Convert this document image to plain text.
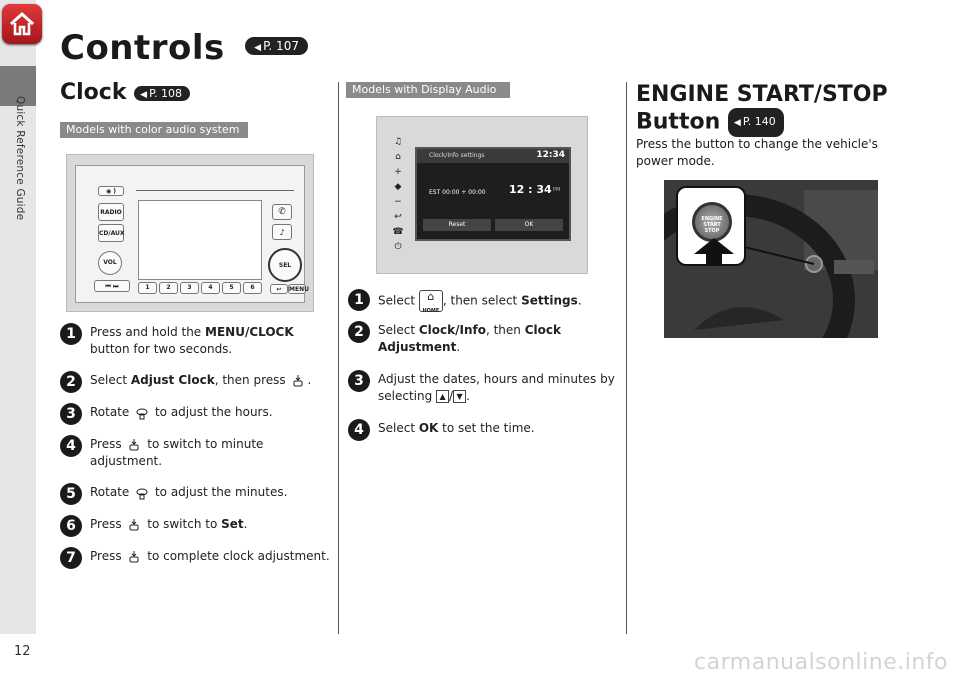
Quick Reference Guide
Controls	◀ P. 107
Clock ◀ P. 108
Models with color audio system
◉ )
RADIO
CD/AUX
VOL
⏮ ⏭
✆
♪
SEL
↩	MENU
1	2	3	4	5	6
1	Press and hold the MENU/CLOCK button for two seconds.
2	Select Adjust Clock, then press .
3	Rotate to adjust the hours.
4	Press to switch to minute adjustment.
5	Rotate to adjust the minutes.
6	Press to switch to Set.
7	Press to complete clock adjustment.
Models with Display Audio
♫
⌂
+
◆
−
↩
☎
⏻
Clock/Info settings	12:34
EST 00:00 + 00:00 12 : 34 PM
Reset	OK
1	Select ⌂
HOME, then select Settings.
2	Select Clock/Info, then Clock Adjustment.
3	Adjust the dates, hours and minutes by selecting ▲ / ▼ .
4	Select OK to set the time.
ENGINE START/STOP
Button ◀ P. 140
Press the button to change the vehicle's power mode.
ENGINE START STOP
12	carmanualsonline.info
